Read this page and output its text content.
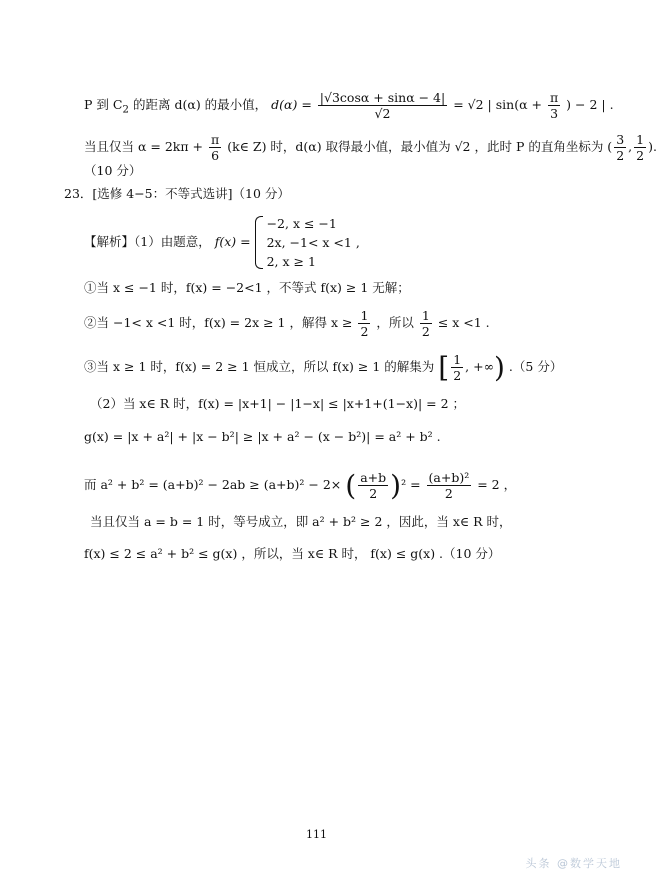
P 到 $C_2$ 的距离 d(α) 的最小值， $d(\alpha) = \frac{|√3\cos\alpha + \sin\alpha - 4|}{√2} = √2$ | $\sin(\alpha + \frac{\pi}{3}$ ) − 2 | .
当且仅当 $\alpha = 2k\pi + \frac{\pi}{6}$ (k∈ Z) 时，d(α) 取得最小值，最小值为 √2 ，此时 P 的直角坐标为 ( $\frac{3}{2}$ , $\frac{1}{2}$ ).
（10 分）
23．[选修 4−5：不等式选讲]（10 分）
【解析】（1）由题意， f(x) =
−2, x ≤ −1
2x, −1< x <1 ,
2, x ≥ 1
①当 x ≤ −1 时，f(x) = −2<1 ，不等式 f(x) ≥ 1 无解；
②当 −1< x <1 时，f(x) = 2x ≥ 1 ，解得 $x \ge \frac{1}{2}$ ，所以 $\frac{1}{2} \le x <1$ .
③当 x ≥ 1 时，f(x) = 2 ≥ 1 恒成立，所以 f(x) ≥ 1 的解集为 [ $\frac{1}{2}$ , +∞) .（5 分）
（2）当 x∈ R 时，f(x) = |x+1| − |1−x| ≤ |x+1+(1−x)| = 2 ；
g(x) = |x + a²| + |x − b²| ≥ |x + a² − (x − b²)| = a² + b² .
而 a² + b² = (a+b)² − 2ab ≥ (a+b)² − 2× ( $\frac{a+b}{2} )^2 = \frac{\text{(a+b)²}}{2} = 2$ ，
当且仅当 a = b = 1 时，等号成立，即 a² + b² ≥ 2 ，因此，当 x∈ R 时，
f(x) ≤ 2 ≤ a² + b² ≤ g(x) ，所以，当 x∈ R 时， f(x) ≤ g(x) .（10 分）
111
头条 @数学天地
